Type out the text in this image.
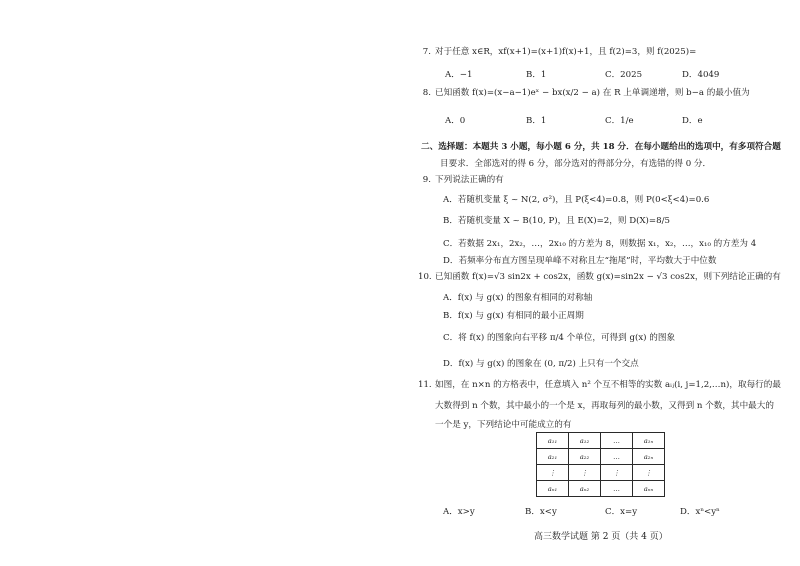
7. 对于任意 x∈R，xf(x+1)=(x+1)f(x)+1，且 f(2)=3，则 f(2025)=
A．−1	B．1	C．2025	D．4049
8. 已知函数 f(x)=(x−a−1)eˣ − bx(x/2 − a) 在 R 上单调递增，则 b−a 的最小值为
A．0	B．1	C．1/e	D．e
二、选择题：本题共 3 小题，每小题 6 分，共 18 分．在每小题给出的选项中，有多项符合题
目要求．全部选对的得 6 分，部分选对的得部分分，有选错的得 0 分．
9. 下列说法正确的有
A．若随机变量 ξ ~ N(2, σ²)，且 P(ξ<4)=0.8，则 P(0<ξ<4)=0.6
B．若随机变量 X ~ B(10, P)，且 E(X)=2，则 D(X)=8/5
C．若数据 2x₁，2x₂，…，2x₁₀ 的方差为 8，则数据 x₁，x₂，…，x₁₀ 的方差为 4
D．若频率分布直方图呈现单峰不对称且左“拖尾”时，平均数大于中位数
10. 已知函数 f(x)=√3 sin2x + cos2x，函数 g(x)=sin2x − √3 cos2x，则下列结论正确的有
A．f(x) 与 g(x) 的图象有相同的对称轴
B．f(x) 与 g(x) 有相同的最小正周期
C．将 f(x) 的图象向右平移 π/4 个单位，可得到 g(x) 的图象
D．f(x) 与 g(x) 的图象在 (0, π/2) 上只有一个交点
11. 如图，在 n×n 的方格表中，任意填入 n² 个互不相等的实数 aᵢⱼ(i, j=1,2,…n)，取每行的最
大数得到 n 个数，其中最小的一个是 x，再取每列的最小数，又得到 n 个数，其中最大的
一个是 y，下列结论中可能成立的有
a₁₁	a₁₂	…	a₁ₙ
a₂₁	a₂₂	…	a₂ₙ
⋮	⋮	⋮	⋮
aₙ₁	aₙ₂	…	aₙₙ
A．x>y	B．x<y	C．x=y	D．xⁿ<yⁿ
高三数学试题 第 2 页（共 4 页）
